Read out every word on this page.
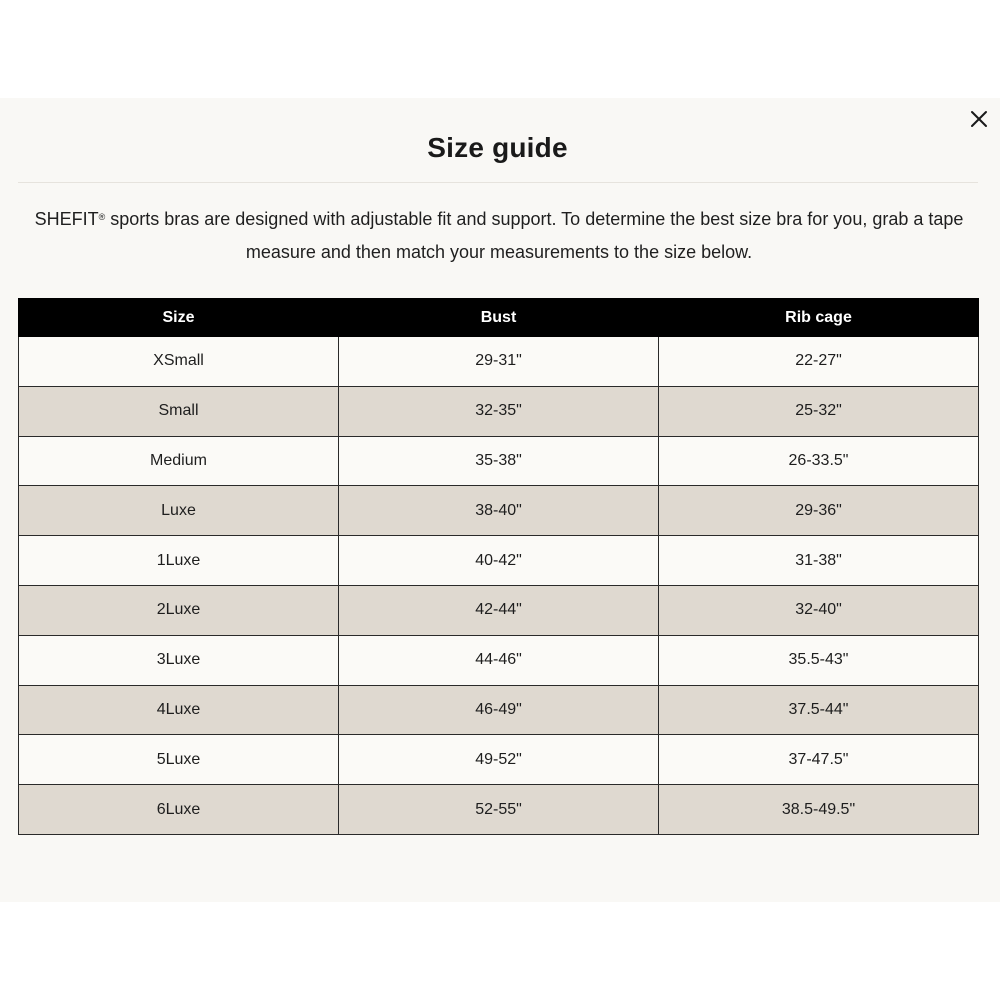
Size guide
SHEFIT® sports bras are designed with adjustable fit and support. To determine the best size bra for you, grab a tape measure and then match your measurements to the size below.
Size	Bust	Rib cage
XSmall	29-31"	22-27"
Small	32-35"	25-32"
Medium	35-38"	26-33.5"
Luxe	38-40"	29-36"
1Luxe	40-42"	31-38"
2Luxe	42-44"	32-40"
3Luxe	44-46"	35.5-43"
4Luxe	46-49"	37.5-44"
5Luxe	49-52"	37-47.5"
6Luxe	52-55"	38.5-49.5"
